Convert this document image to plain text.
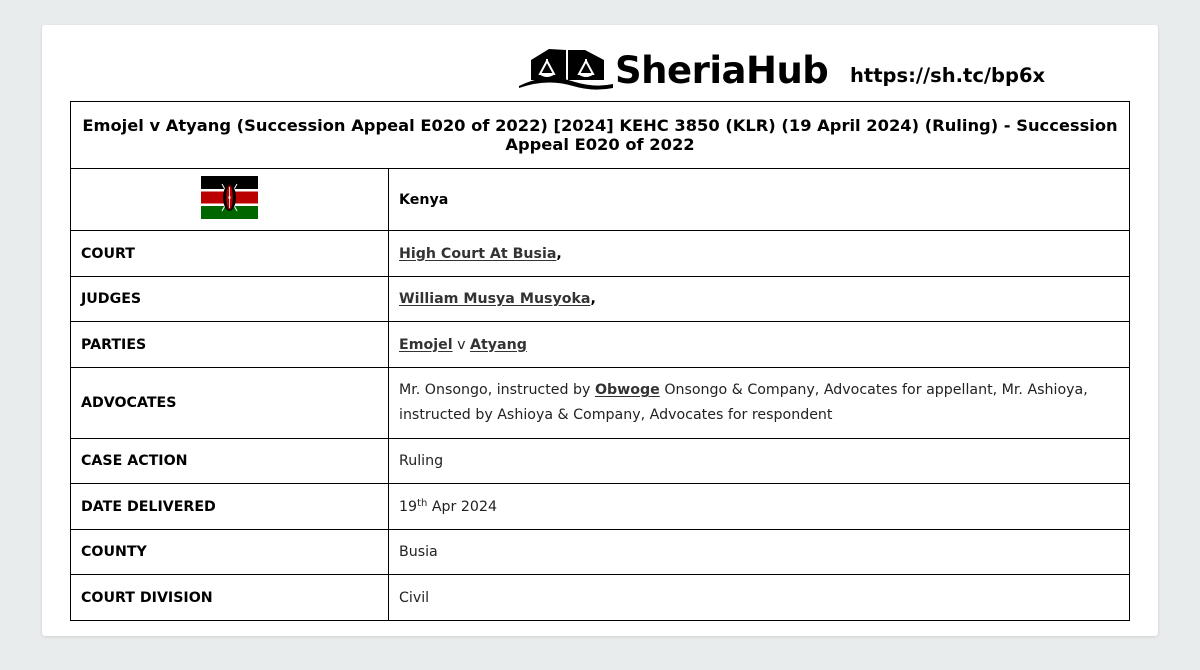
SheriaHub https://sh.tc/bp6x
Emojel v Atyang (Succession Appeal E020 of 2022) [2024] KEHC 3850 (KLR) (19 April 2024) (Ruling) - Succession Appeal E020 of 2022	
	Kenya
COURT	High Court At Busia,
JUDGES	William Musya Musyoka,
PARTIES	Emojel v Atyang
ADVOCATES	Mr. Onsongo, instructed by Obwoge Onsongo & Company, Advocates for appellant, Mr. Ashioya, instructed by Ashioya & Company, Advocates for respondent
CASE ACTION	Ruling
DATE DELIVERED	19th Apr 2024
COUNTY	Busia
COURT DIVISION	Civil
